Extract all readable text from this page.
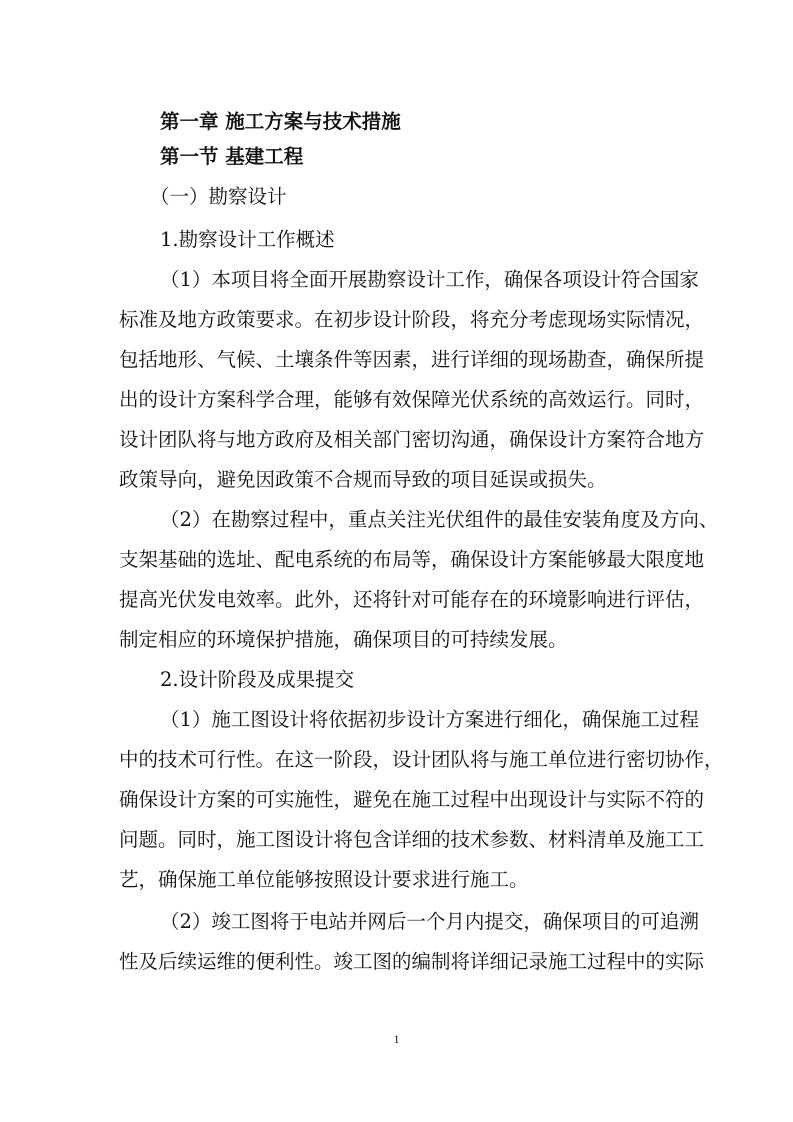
第一章 施工方案与技术措施
第一节 基建工程
（一）勘察设计
1.勘察设计工作概述
（1）本项目将全面开展勘察设计工作，确保各项设计符合国家
标准及地方政策要求。在初步设计阶段，将充分考虑现场实际情况，
包括地形、气候、土壤条件等因素，进行详细的现场勘查，确保所提
出的设计方案科学合理，能够有效保障光伏系统的高效运行。同时，
设计团队将与地方政府及相关部门密切沟通，确保设计方案符合地方
政策导向，避免因政策不合规而导致的项目延误或损失。
（2）在勘察过程中，重点关注光伏组件的最佳安装角度及方向、
支架基础的选址、配电系统的布局等，确保设计方案能够最大限度地
提高光伏发电效率。此外，还将针对可能存在的环境影响进行评估，
制定相应的环境保护措施，确保项目的可持续发展。
2.设计阶段及成果提交
（1）施工图设计将依据初步设计方案进行细化，确保施工过程
中的技术可行性。在这一阶段，设计团队将与施工单位进行密切协作，
确保设计方案的可实施性，避免在施工过程中出现设计与实际不符的
问题。同时，施工图设计将包含详细的技术参数、材料清单及施工工
艺，确保施工单位能够按照设计要求进行施工。
（2）竣工图将于电站并网后一个月内提交，确保项目的可追溯
性及后续运维的便利性。竣工图的编制将详细记录施工过程中的实际
1
